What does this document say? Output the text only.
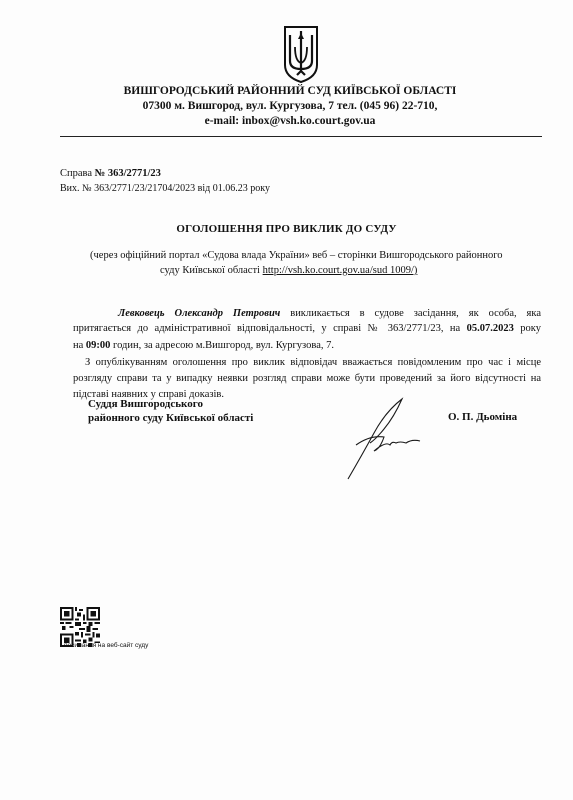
ВИШГОРОДСЬКИЙ РАЙОННИЙ СУД КИЇВСЬКОЇ ОБЛАСТІ
07300 м. Вишгород, вул. Кургузова, 7 тел. (045 96) 22-710,
e-mail: inbox@vsh.ko.court.gov.ua
Справа № 363/2771/23
Вих. № 363/2771/23/21704/2023 від 01.06.23 року
ОГОЛОШЕННЯ ПРО ВИКЛИК ДО СУДУ
(через офіційний портал «Судова влада України» веб – сторінки Вишгородського районного
суду Київської області http://vsh.ko.court.gov.ua/sud 1009/)
Левковець Олександр Петрович викликається в судове засідання, як особа, яка
притягається до адміністративної відповідальності, у справі № 363/2771/23, на 05.07.2023 року
на 09:00 годин, за адресою м.Вишгород, вул. Кургузова, 7.
З опублікуванням оголошення про виклик відповідач вважається повідомленим про час і місце
розгляду справи та у випадку неявки розгляд справи може бути проведений за його відсутності на
підставі наявних у справі доказів.
Суддя Вишгородського
районного суду Київської області	О. П. Дьоміна
посилання на веб-сайт суду
